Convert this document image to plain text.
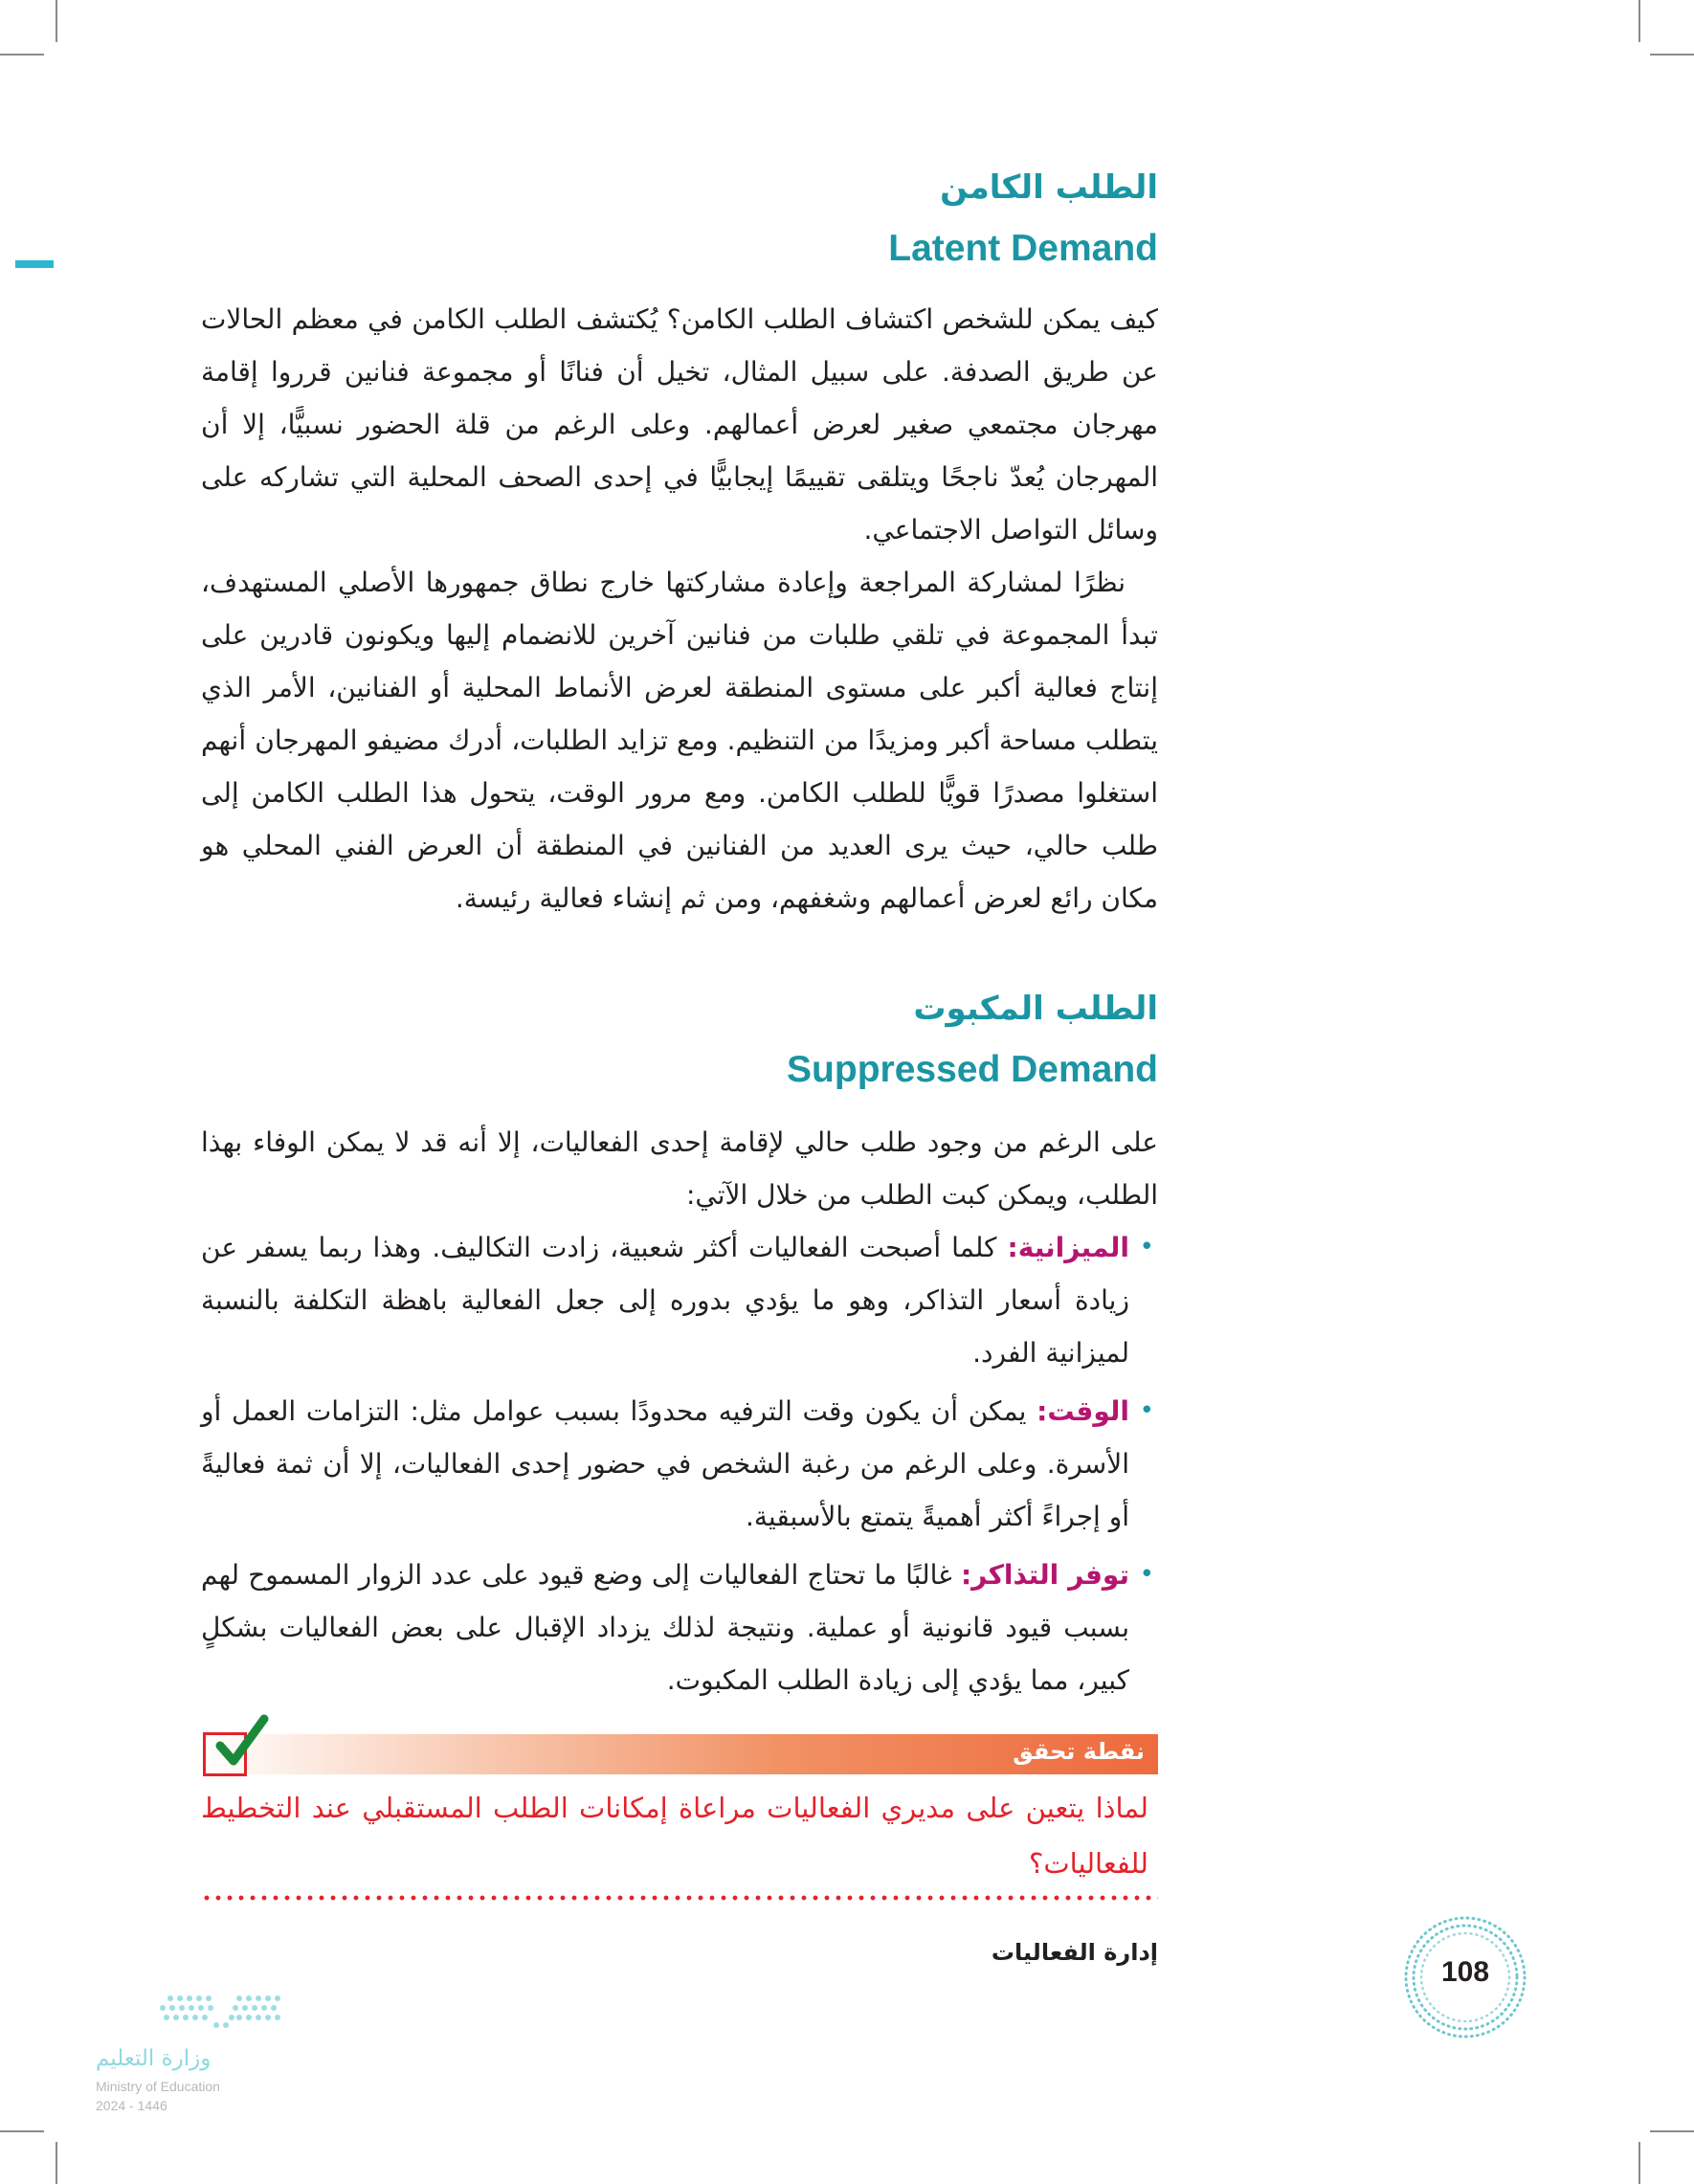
الطلب الكامن
Latent Demand

كيف يمكن للشخص اكتشاف الطلب الكامن؟ يُكتشف الطلب الكامن في معظم الحالات عن طريق الصدفة. على سبيل المثال، تخيل أن فنانًا أو مجموعة فنانين قرروا إقامة مهرجان مجتمعي صغير لعرض أعمالهم. وعلى الرغم من قلة الحضور نسبيًّا، إلا أن المهرجان يُعدّ ناجحًا ويتلقى تقييمًا إيجابيًّا في إحدى الصحف المحلية التي تشاركه على وسائل التواصل الاجتماعي.

نظرًا لمشاركة المراجعة وإعادة مشاركتها خارج نطاق جمهورها الأصلي المستهدف، تبدأ المجموعة في تلقي طلبات من فنانين آخرين للانضمام إليها ويكونون قادرين على إنتاج فعالية أكبر على مستوى المنطقة لعرض الأنماط المحلية أو الفنانين، الأمر الذي يتطلب مساحة أكبر ومزيدًا من التنظيم. ومع تزايد الطلبات، أدرك مضيفو المهرجان أنهم استغلوا مصدرًا قويًّا للطلب الكامن. ومع مرور الوقت، يتحول هذا الطلب الكامن إلى طلب حالي، حيث يرى العديد من الفنانين في المنطقة أن العرض الفني المحلي هو مكان رائع لعرض أعمالهم وشغفهم، ومن ثم إنشاء فعالية رئيسة.

الطلب المكبوت
Suppressed Demand

على الرغم من وجود طلب حالي لإقامة إحدى الفعاليات، إلا أنه قد لا يمكن الوفاء بهذا الطلب، ويمكن كبت الطلب من خلال الآتي:

•
الميزانية: كلما أصبحت الفعاليات أكثر شعبية، زادت التكاليف. وهذا ربما يسفر عن زيادة أسعار التذاكر، وهو ما يؤدي بدوره إلى جعل الفعالية باهظة التكلفة بالنسبة لميزانية الفرد.
•
الوقت: يمكن أن يكون وقت الترفيه محدودًا بسبب عوامل مثل: التزامات العمل أو الأسرة. وعلى الرغم من رغبة الشخص في حضور إحدى الفعاليات، إلا أن ثمة فعاليةً أو إجراءً أكثر أهميةً يتمتع بالأسبقية.
•
توفر التذاكر: غالبًا ما تحتاج الفعاليات إلى وضع قيود على عدد الزوار المسموح لهم بسبب قيود قانونية أو عملية. ونتيجة لذلك يزداد الإقبال على بعض الفعاليات بشكلٍ كبير، مما يؤدي إلى زيادة الطلب المكبوت.
نقطة تحقق
لماذا يتعين على مديري الفعاليات مراعاة إمكانات الطلب المستقبلي عند التخطيط للفعاليات؟
إدارة الفعاليات
108
وزارة التعليم
Ministry of Education
2024 - 1446
